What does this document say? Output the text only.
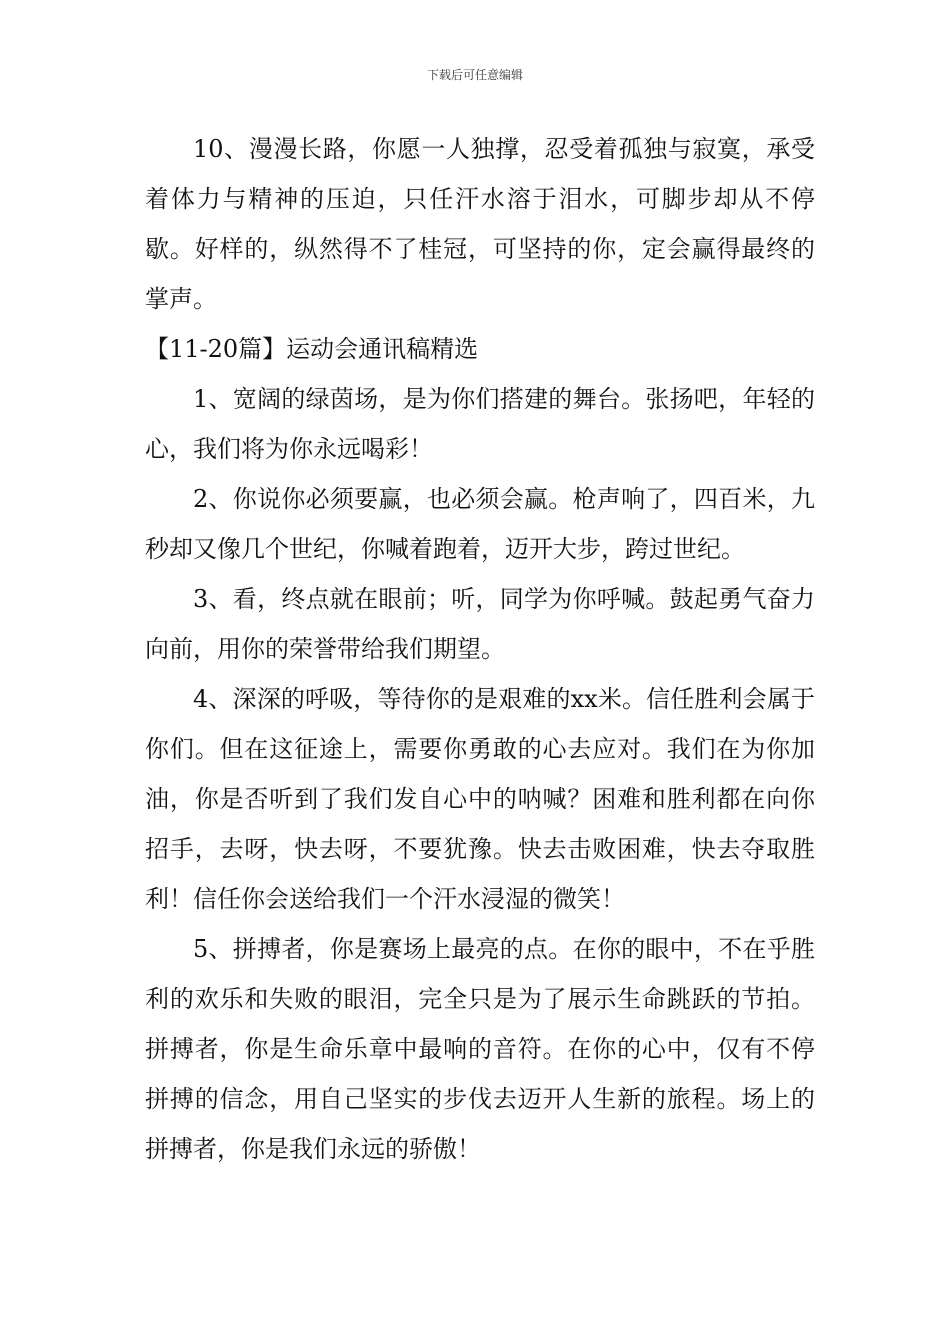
下载后可任意编辑

10、漫漫长路，你愿一人独撑，忍受着孤独与寂寞，承受着体力与精神的压迫，只任汗水溶于泪水，可脚步却从不停歇。好样的，纵然得不了桂冠，可坚持的你，定会赢得最终的掌声。

【11-20篇】运动会通讯稿精选

1、宽阔的绿茵场，是为你们搭建的舞台。张扬吧，年轻的心，我们将为你永远喝彩！

2、你说你必须要赢，也必须会赢。枪声响了，四百米，九秒却又像几个世纪，你喊着跑着，迈开大步，跨过世纪。

3、看，终点就在眼前；听，同学为你呼喊。鼓起勇气奋力向前，用你的荣誉带给我们期望。

4、深深的呼吸，等待你的是艰难的xx米。信任胜利会属于你们。但在这征途上，需要你勇敢的心去应对。我们在为你加油，你是否听到了我们发自心中的呐喊？困难和胜利都在向你招手，去呀，快去呀，不要犹豫。快去击败困难，快去夺取胜利！信任你会送给我们一个汗水浸湿的微笑！

5、拼搏者，你是赛场上最亮的点。在你的眼中，不在乎胜利的欢乐和失败的眼泪，完全只是为了展示生命跳跃的节拍。拼搏者，你是生命乐章中最响的音符。在你的心中，仅有不停拼搏的信念，用自己坚实的步伐去迈开人生新的旅程。场上的拼搏者，你是我们永远的骄傲！
